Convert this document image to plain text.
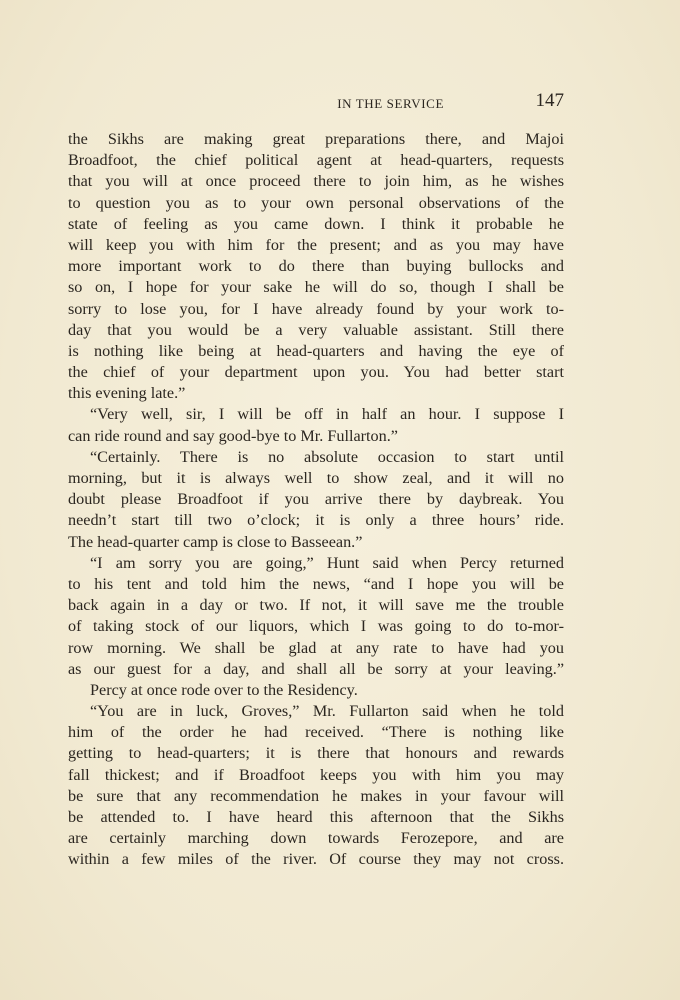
IN THE SERVICE	147
the Sikhs are making great preparations there, and Majoi
Broadfoot, the chief political agent at head-quarters, requests
that you will at once proceed there to join him, as he wishes
to question you as to your own personal observations of the
state of feeling as you came down. I think it probable he
will keep you with him for the present; and as you may have
more important work to do there than buying bullocks and
so on, I hope for your sake he will do so, though I shall be
sorry to lose you, for I have already found by your work to-
day that you would be a very valuable assistant. Still there
is nothing like being at head-quarters and having the eye of
the chief of your department upon you. You had better start
this evening late.”
“Very well, sir, I will be off in half an hour. I suppose I
can ride round and say good-bye to Mr. Fullarton.”
“Certainly. There is no absolute occasion to start until
morning, but it is always well to show zeal, and it will no
doubt please Broadfoot if you arrive there by daybreak. You
needn’t start till two o’clock; it is only a three hours’ ride.
The head-quarter camp is close to Basseean.”
“I am sorry you are going,” Hunt said when Percy returned
to his tent and told him the news, “and I hope you will be
back again in a day or two. If not, it will save me the trouble
of taking stock of our liquors, which I was going to do to-mor-
row morning. We shall be glad at any rate to have had you
as our guest for a day, and shall all be sorry at your leaving.”
Percy at once rode over to the Residency.
“You are in luck, Groves,” Mr. Fullarton said when he told
him of the order he had received. “There is nothing like
getting to head-quarters; it is there that honours and rewards
fall thickest; and if Broadfoot keeps you with him you may
be sure that any recommendation he makes in your favour will
be attended to. I have heard this afternoon that the Sikhs
are certainly marching down towards Ferozepore, and are
within a few miles of the river. Of course they may not cross.
